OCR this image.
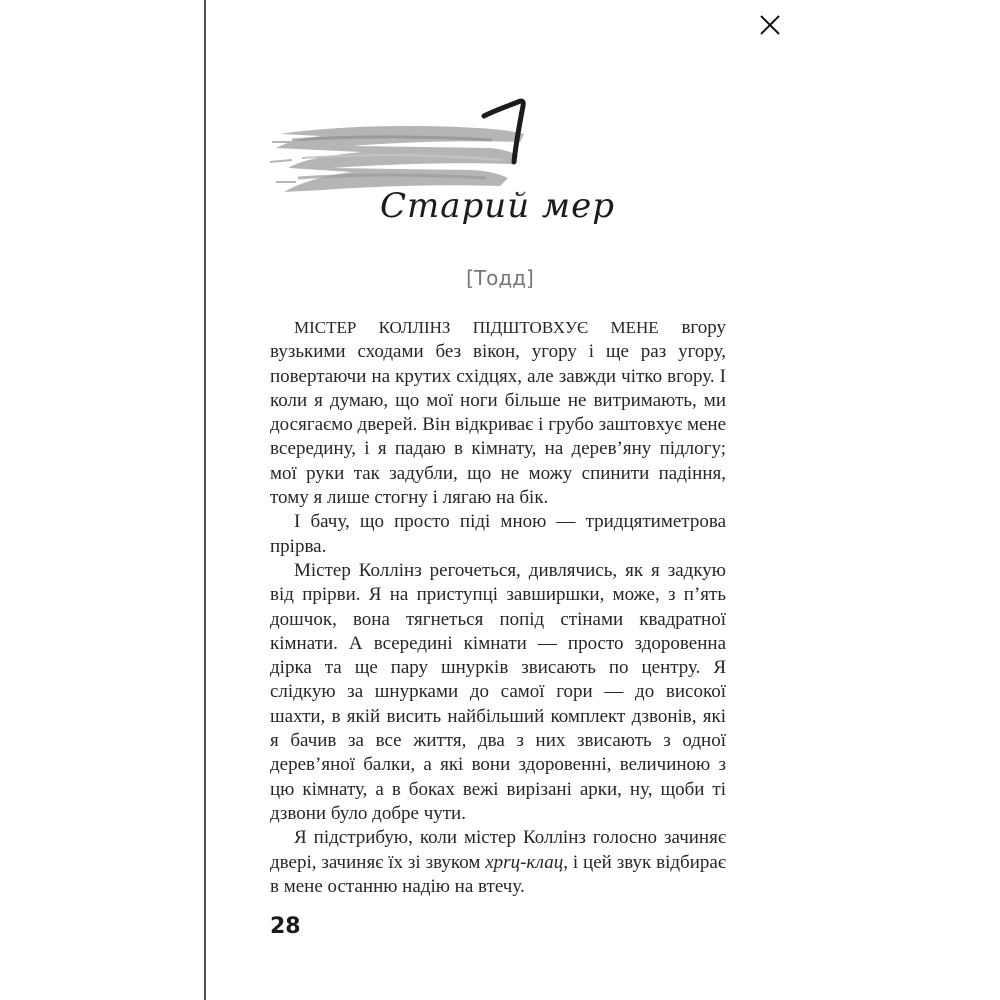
Старий мер
[Тодд]

МІСТЕР КОЛЛІНЗ ПІДШТОВХУЄ МЕНЕ вгору вузькими сходами без вікон, угору і ще раз угору, повертаючи на крутих східцях, але завжди чітко вгору. І коли я думаю, що мої ноги більше не витримають, ми досягаємо дверей. Він відкриває і грубо заштовхує мене всередину, і я падаю в кімнату, на дерев’яну підлогу; мої руки так задубли, що не можу спинити падіння, тому я лише стогну і лягаю на бік.

І бачу, що просто піді мною — тридцятиметрова прірва.

Містер Коллінз регочеться, дивлячись, як я задкую від прірви. Я на приступці завширшки, може, з п’ять дошчок, вона тягнеться попід стінами квадратної кімнати. А всередині кімнати — просто здоровенна дірка та ще пару шнурків звисають по центру. Я слідкую за шнурками до самої гори — до високої шахти, в якій висить найбільший комплект дзвонів, які я бачив за все життя, два з них звисають з одної дерев’яної балки, а які вони здоровенні, величиною з цю кімнату, а в боках вежі вирізані арки, ну, щоби ті дзвони було добре чути.

Я підстрибую, коли містер Коллінз голосно зачиняє двері, зачиняє їх зі звуком хрrц-клац, і цей звук відбирає в мене останню надію на втечу.

28
